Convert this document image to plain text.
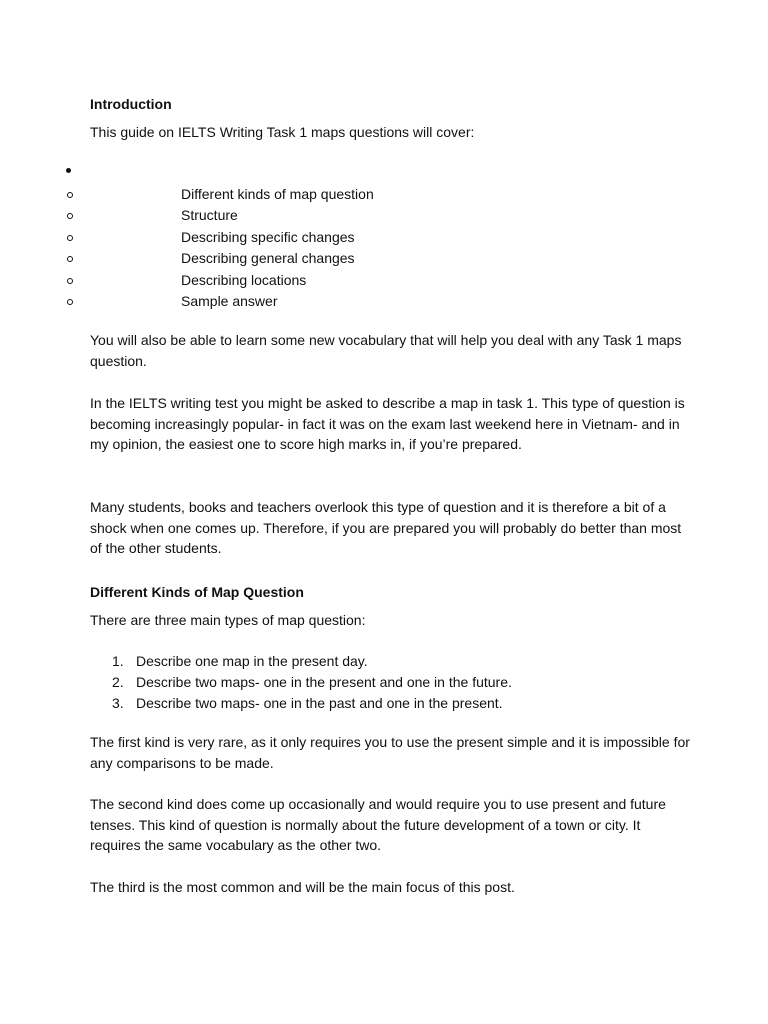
Introduction
This guide on IELTS Writing Task 1 maps questions will cover:
Different kinds of map question
Structure
Describing specific changes
Describing general changes
Describing locations
Sample answer
You will also be able to learn some new vocabulary that will help you deal with any Task 1 maps question.
In the IELTS writing test you might be asked to describe a map in task 1. This type of question is becoming increasingly popular- in fact it was on the exam last weekend here in Vietnam- and in my opinion, the easiest one to score high marks in, if you’re prepared.
Many students, books and teachers overlook this type of question and it is therefore a bit of a shock when one comes up. Therefore, if you are prepared you will probably do better than most of the other students.
Different Kinds of Map Question
There are three main types of map question:
1. Describe one map in the present day.
2. Describe two maps- one in the present and one in the future.
3. Describe two maps- one in the past and one in the present.
The first kind is very rare, as it only requires you to use the present simple and it is impossible for any comparisons to be made.
The second kind does come up occasionally and would require you to use present and future tenses. This kind of question is normally about the future development of a town or city. It requires the same vocabulary as the other two.
The third is the most common and will be the main focus of this post.
